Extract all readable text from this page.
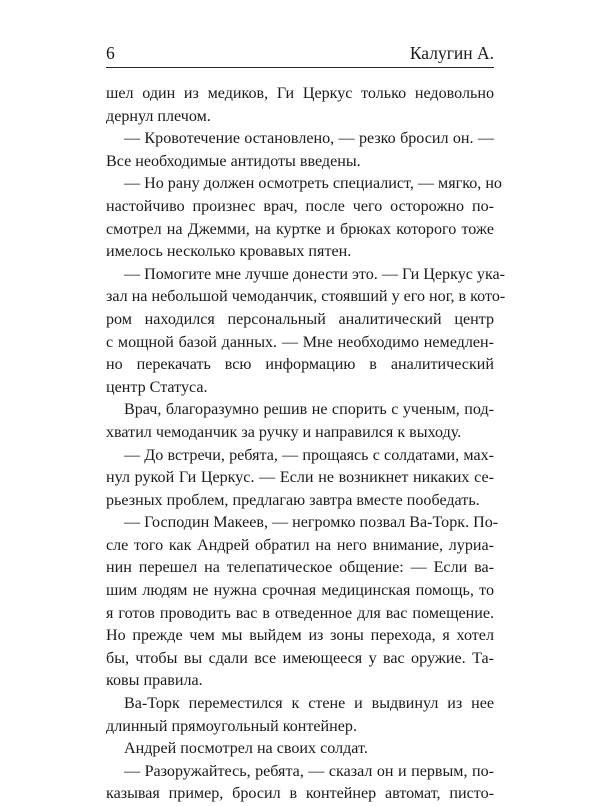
6	Калугин А.
шел один из медиков, Ги Церкус только недовольно
дернул плечом.
— Кровотечение остановлено, — резко бросил он. —
Все необходимые антидоты введены.
— Но рану должен осмотреть специалист, — мягко, но
настойчиво произнес врач, после чего осторожно по-
смотрел на Джемми, на куртке и брюках которого тоже
имелось несколько кровавых пятен.
— Помогите мне лучше донести это. — Ги Церкус ука-
зал на небольшой чемоданчик, стоявший у его ног, в кото-
ром находился персональный аналитический центр
с мощной базой данных. — Мне необходимо немедлен-
но перекачать всю информацию в аналитический
центр Статуса.
Врач, благоразумно решив не спорить с ученым, под-
хватил чемоданчик за ручку и направился к выходу.
— До встречи, ребята, — прощаясь с солдатами, мах-
нул рукой Ги Церкус. — Если не возникнет никаких се-
рьезных проблем, предлагаю завтра вместе пообедать.
— Господин Макеев, — негромко позвал Ва-Торк. По-
сле того как Андрей обратил на него внимание, луриа-
нин перешел на телепатическое общение: — Если ва-
шим людям не нужна срочная медицинская помощь, то
я готов проводить вас в отведенное для вас помещение.
Но прежде чем мы выйдем из зоны перехода, я хотел
бы, чтобы вы сдали все имеющееся у вас оружие. Та-
ковы правила.
Ва-Торк переместился к стене и выдвинул из нее
длинный прямоугольный контейнер.
Андрей посмотрел на своих солдат.
— Разоружайтесь, ребята, — сказал он и первым, по-
казывая пример, бросил в контейнер автомат, писто-
